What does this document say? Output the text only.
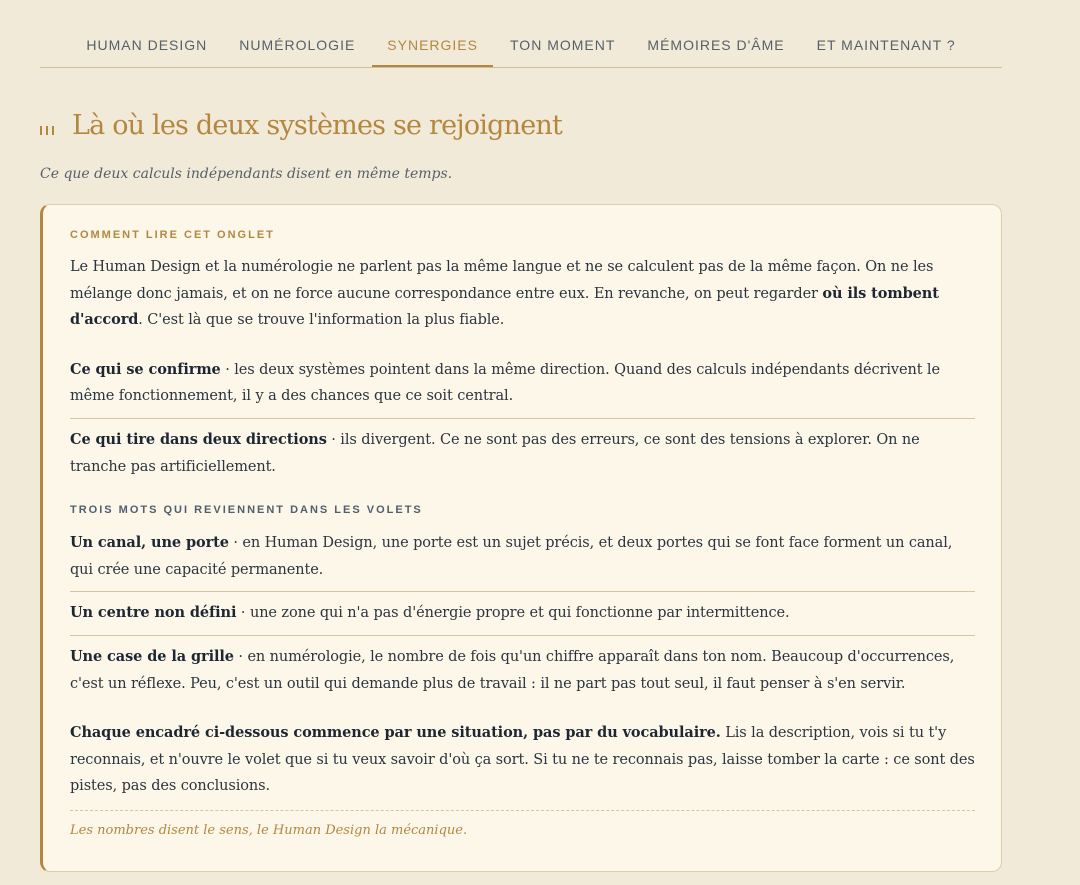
HUMAN DESIGN	NUMÉROLOGIE	SYNERGIES	TON MOMENT	MÉMOIRES D'ÂME	ET MAINTENANT ?
Là où les deux systèmes se rejoignent
Ce que deux calculs indépendants disent en même temps.

COMMENT LIRE CET ONGLET

Le Human Design et la numérologie ne parlent pas la même langue et ne se calculent pas de la même façon. On ne les mélange donc jamais, et on ne force aucune correspondance entre eux. En revanche, on peut regarder où ils tombent d'accord. C'est là que se trouve l'information la plus fiable.

Ce qui se confirme · les deux systèmes pointent dans la même direction. Quand des calculs indépendants décrivent le même fonctionnement, il y a des chances que ce soit central.

Ce qui tire dans deux directions · ils divergent. Ce ne sont pas des erreurs, ce sont des tensions à explorer. On ne tranche pas artificiellement.

TROIS MOTS QUI REVIENNENT DANS LES VOLETS

Un canal, une porte · en Human Design, une porte est un sujet précis, et deux portes qui se font face forment un canal, qui crée une capacité permanente.

Un centre non défini · une zone qui n'a pas d'énergie propre et qui fonctionne par intermittence.

Une case de la grille · en numérologie, le nombre de fois qu'un chiffre apparaît dans ton nom. Beaucoup d'occurrences, c'est un réflexe. Peu, c'est un outil qui demande plus de travail : il ne part pas tout seul, il faut penser à s'en servir.

Chaque encadré ci-dessous commence par une situation, pas par du vocabulaire. Lis la description, vois si tu t'y reconnais, et n'ouvre le volet que si tu veux savoir d'où ça sort. Si tu ne te reconnais pas, laisse tomber la carte : ce sont des pistes, pas des conclusions.

Les nombres disent le sens, le Human Design la mécanique.
